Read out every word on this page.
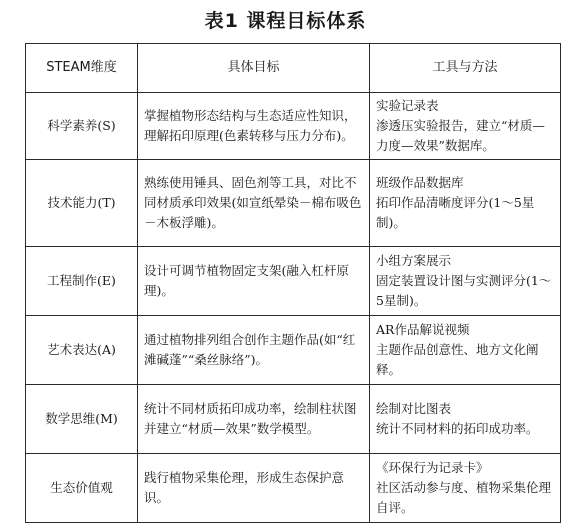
表1 课程目标体系
STEAM维度	具体目标	工具与方法
科学素养(S)	掌握植物形态结构与生态适应性知识，理解拓印原理(色素转移与压力分布)。	实验记录表
渗透压实验报告，建立“材质—力度—效果”数据库。
技术能力(T)	熟练使用锤具、固色剂等工具，对比不同材质承印效果(如宣纸晕染－棉布吸色－木板浮雕)。	班级作品数据库
拓印作品清晰度评分(1～5星制)。
工程制作(E)	设计可调节植物固定支架(融入杠杆原理)。	小组方案展示
固定装置设计图与实测评分(1～5星制)。
艺术表达(A)	通过植物排列组合创作主题作品(如“红滩碱蓬”“桑丝脉络”)。	AR作品解说视频
主题作品创意性、地方文化阐释。
数学思维(M)	统计不同材质拓印成功率，绘制柱状图并建立“材质—效果”数学模型。	绘制对比图表
统计不同材料的拓印成功率。
生态价值观	践行植物采集伦理，形成生态保护意识。	《环保行为记录卡》
社区活动参与度、植物采集伦理自评。
